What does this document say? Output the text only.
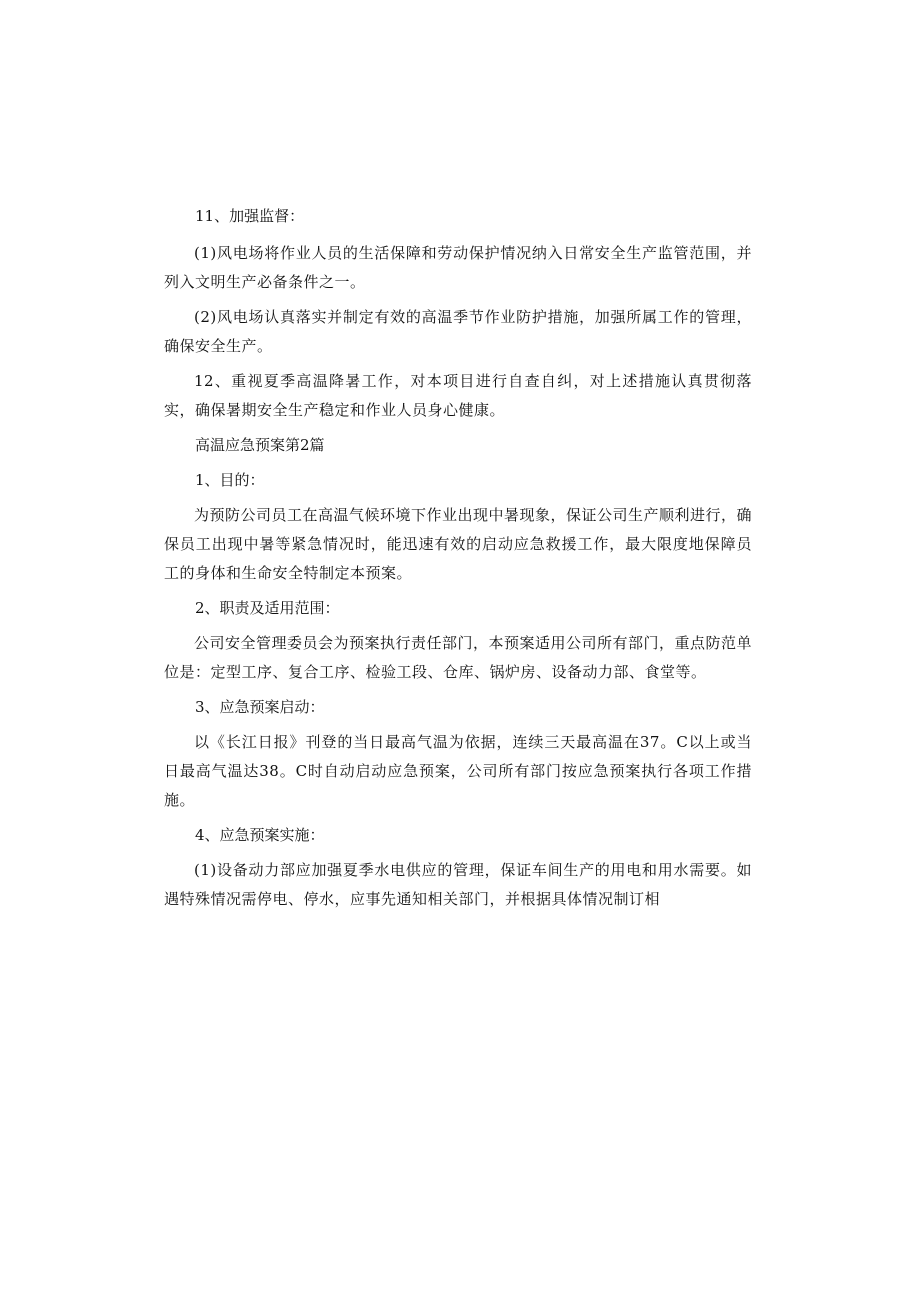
11、加强监督：

(1)风电场将作业人员的生活保障和劳动保护情况纳入日常安全生产监管范围，并列入文明生产必备条件之一。

(2)风电场认真落实并制定有效的高温季节作业防护措施，加强所属工作的管理，确保安全生产。

12、重视夏季高温降暑工作，对本项目进行自查自纠，对上述措施认真贯彻落实，确保暑期安全生产稳定和作业人员身心健康。

高温应急预案第2篇

1、目的：

为预防公司员工在高温气候环境下作业出现中暑现象，保证公司生产顺利进行，确保员工出现中暑等紧急情况时，能迅速有效的启动应急救援工作，最大限度地保障员工的身体和生命安全特制定本预案。

2、职责及适用范围：

公司安全管理委员会为预案执行责任部门，本预案适用公司所有部门，重点防范单位是：定型工序、复合工序、检验工段、仓库、锅炉房、设备动力部、食堂等。

3、应急预案启动：

以《长江日报》刊登的当日最高气温为依据，连续三天最高温在37。C以上或当日最高气温达38。C时自动启动应急预案，公司所有部门按应急预案执行各项工作措施。

4、应急预案实施：

(1)设备动力部应加强夏季水电供应的管理，保证车间生产的用电和用水需要。如遇特殊情况需停电、停水，应事先通知相关部门，并根据具体情况制订相
